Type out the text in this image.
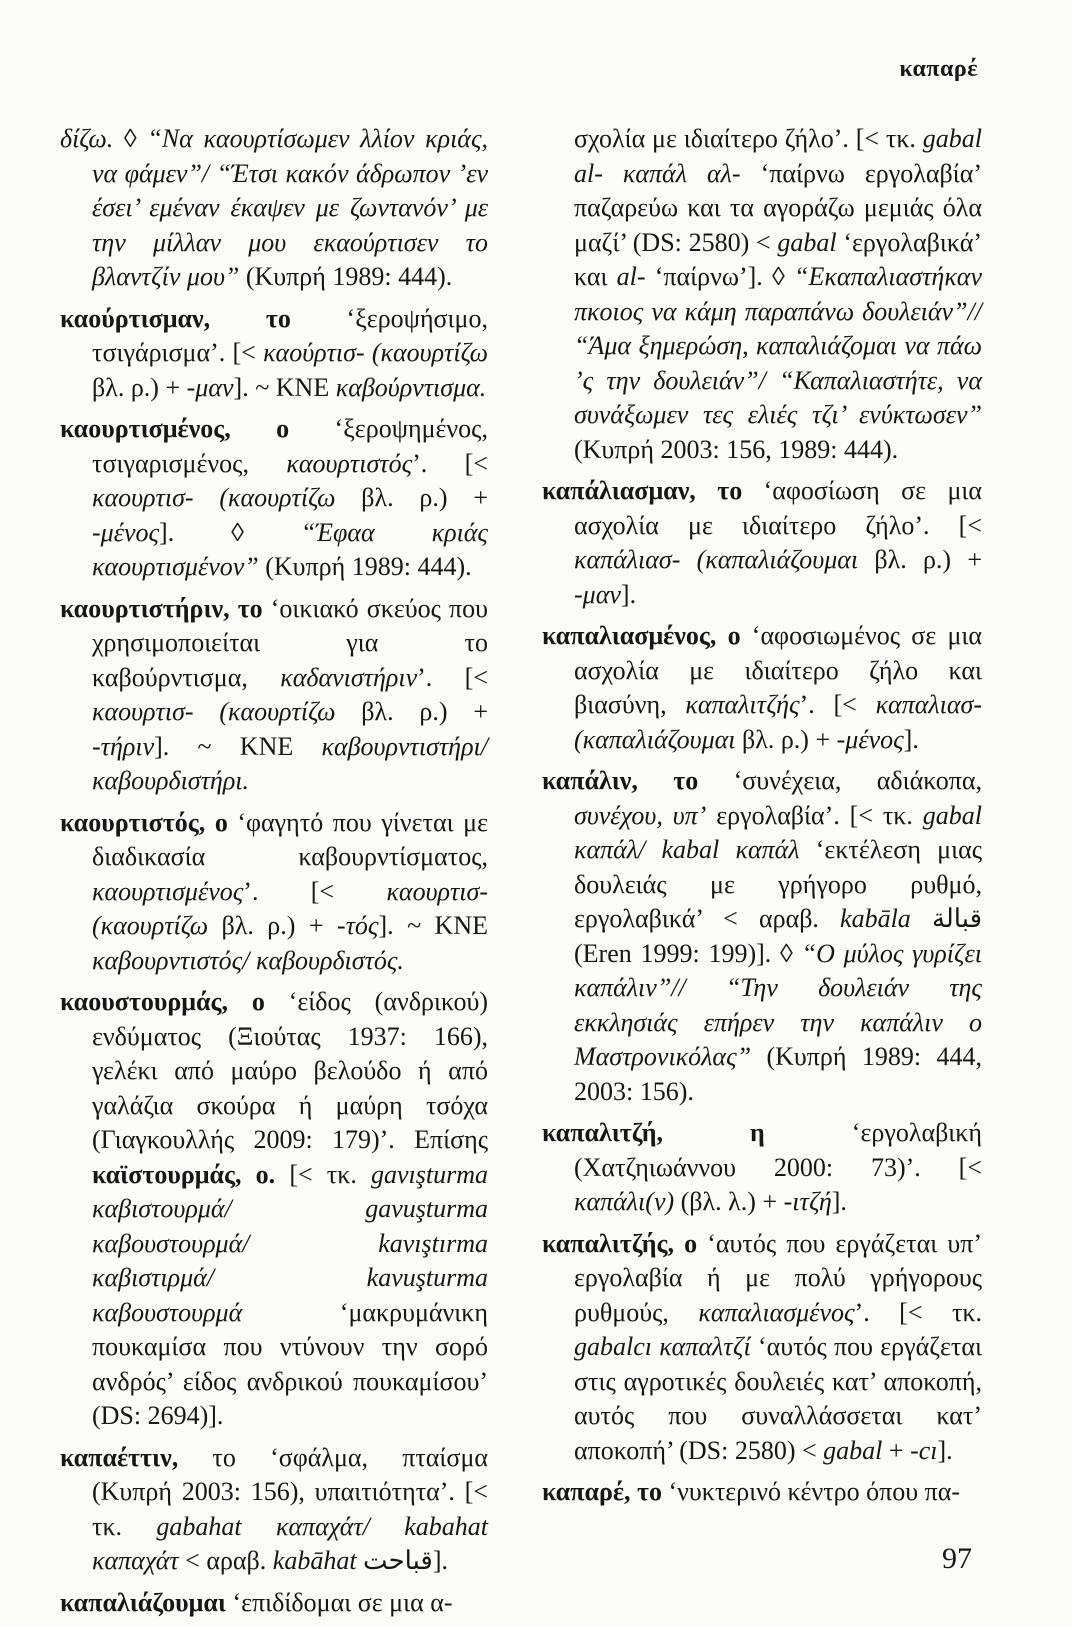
καπαρέ

δίζω. ◊ “Να καουρτίσωμεν λλίον κριάς, να φάμεν”/ “Έτσι κακόν άδρωπον ’εν έσει’ εμέναν έκαψεν με ζωντανόν’ με την μίλλαν μου εκαούρτισεν το βλαντζίν μου” (Κυπρή 1989: 444).

καούρτισμαν, το ‘ξεροψήσιμο, τσιγάρισμα’. [< καούρτισ- (καουρτίζω βλ. ρ.) + -μαν]. ~ ΚΝΕ καβούρντισμα.

καουρτισμένος, ο ‘ξεροψημένος, τσιγαρισμένος, καουρτιστός’. [< καουρτισ- (καουρτίζω βλ. ρ.) + -μένος]. ◊ “Έφαα κριάς καουρτισμένον” (Κυπρή 1989: 444).

καουρτιστήριν, το ‘οικιακό σκεύος που χρησιμοποιείται για το καβούρντισμα, καδανιστήριν’. [< καουρτισ- (καουρτίζω βλ. ρ.) + -τήριν]. ~ ΚΝΕ καβουρντιστήρι/ καβουρδιστήρι.

καουρτιστός, ο ‘φαγητό που γίνεται με διαδικασία καβουρντίσματος, καουρτισμένος’. [< καουρτισ- (καουρτίζω βλ. ρ.) + -τός]. ~ ΚΝΕ καβουρντιστός/ καβουρδιστός.

καουστουρμάς, ο ‘είδος (ανδρικού) ενδύματος (Ξιούτας 1937: 166), γελέκι από μαύρο βελούδο ή από γαλάζια σκούρα ή μαύρη τσόχα (Γιαγκουλλής 2009: 179)’. Επίσης καϊστουρμάς, ο. [< τκ. gavışturma καβιστουρμά/ gavuşturma καβουστουρμά/ kavıştırma καβιστιρμά/ kavuşturma καβουστουρμά ‘μακρυμάνικη πουκαμίσα που ντύνουν την σορό ανδρός’ είδος ανδρικού πουκαμίσου’ (DS: 2694)].

καπαέττιν, το ‘σφάλμα, πταίσμα (Κυπρή 2003: 156), υπαιτιότητα’. [< τκ. gabahat καπαχάτ/ kabahat καπαχάτ < αραβ. kabāhat قباحت].

καπαλιάζουμαι ‘επιδίδομαι σε μια α-

σχολία με ιδιαίτερο ζήλο’. [< τκ. gabal al- καπάλ αλ- ‘παίρνω εργολαβία’ παζαρεύω και τα αγοράζω μεμιάς όλα μαζί’ (DS: 2580) < gabal ‘εργολαβικά’ και al- ‘παίρνω’]. ◊ “Εκαπαλιαστήκαν πκοιος να κάμη παραπάνω δουλειάν”// “Άμα ξημερώση, καπαλιάζομαι να πάω ’ς την δουλειάν”/ “Καπαλιαστήτε, να συνάξωμεν τες ελιές τζι’ ενύκτωσεν” (Κυπρή 2003: 156, 1989: 444).

καπάλιασμαν, το ‘αφοσίωση σε μια ασχολία με ιδιαίτερο ζήλο’. [< καπάλιασ- (καπαλιάζουμαι βλ. ρ.) + -μαν].

καπαλιασμένος, ο ‘αφοσιωμένος σε μια ασχολία με ιδιαίτερο ζήλο και βιασύνη, καπαλιτζής’. [< καπαλιασ- (καπαλιάζουμαι βλ. ρ.) + -μένος].

καπάλιν, το ‘συνέχεια, αδιάκοπα, συνέχου, υπ’ εργολαβία’. [< τκ. gabal καπάλ/ kabal καπάλ ‘εκτέλεση μιας δουλειάς με γρήγορο ρυθμό, εργολαβικά’ < αραβ. kabāla قبالة (Eren 1999: 199)]. ◊ “Ο μύλος γυρίζει καπάλιν”// “Την δουλειάν της εκκλησιάς επήρεν την καπάλιν ο Μαστρονικόλας” (Κυπρή 1989: 444, 2003: 156).

καπαλιτζή, η ‘εργολαβική (Χατζηιωάννου 2000: 73)’. [< καπάλι(ν) (βλ. λ.) + -ιτζή].

καπαλιτζής, ο ‘αυτός που εργάζεται υπ’ εργολαβία ή με πολύ γρήγορους ρυθμούς, καπαλιασμένος’. [< τκ. gabalcı καπαλτζί ‘αυτός που εργάζεται στις αγροτικές δουλειές κατ’ αποκοπή, αυτός που συναλλάσσεται κατ’ αποκοπή’ (DS: 2580) < gabal + -cı].

καπαρέ, το ‘νυκτερινό κέντρο όπου πα-

97
